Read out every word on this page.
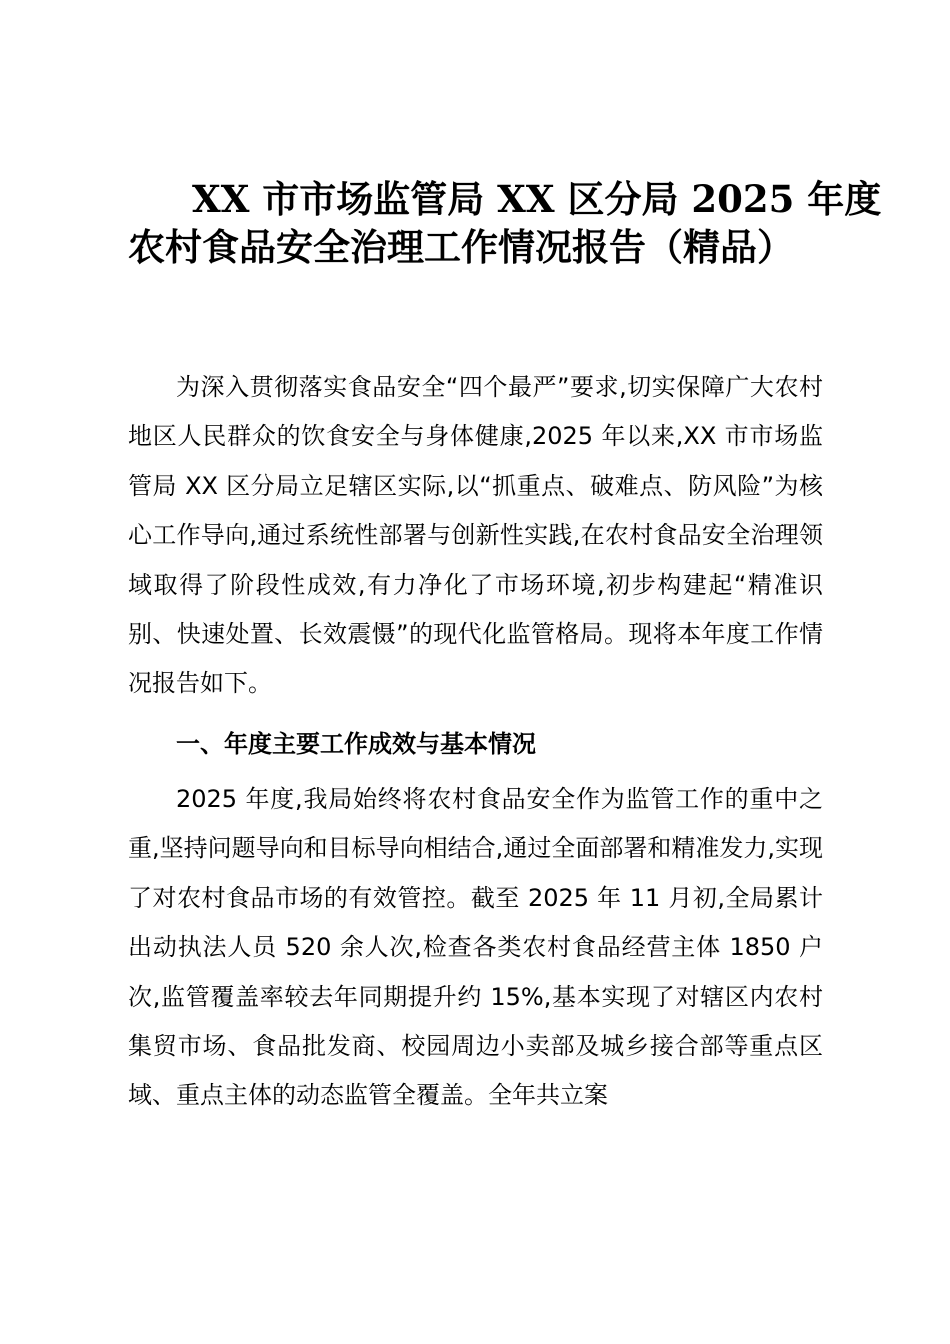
XX 市市场监管局 XX 区分局 2025 年度
农村食品安全治理工作情况报告（精品）

为深入贯彻落实食品安全“四个最严”要求,切实保障广大农村地区人民群众的饮食安全与身体健康,2025 年以来,XX 市市场监管局 XX 区分局立足辖区实际,以“抓重点、破难点、防风险”为核心工作导向,通过系统性部署与创新性实践,在农村食品安全治理领域取得了阶段性成效,有力净化了市场环境,初步构建起“精准识别、快速处置、长效震慑”的现代化监管格局。现将本年度工作情况报告如下。

一、年度主要工作成效与基本情况

2025 年度,我局始终将农村食品安全作为监管工作的重中之重,坚持问题导向和目标导向相结合,通过全面部署和精准发力,实现了对农村食品市场的有效管控。截至 2025 年 11 月初,全局累计出动执法人员 520 余人次,检查各类农村食品经营主体 1850 户次,监管覆盖率较去年同期提升约 15%,基本实现了对辖区内农村集贸市场、食品批发商、校园周边小卖部及城乡接合部等重点区域、重点主体的动态监管全覆盖。全年共立案
